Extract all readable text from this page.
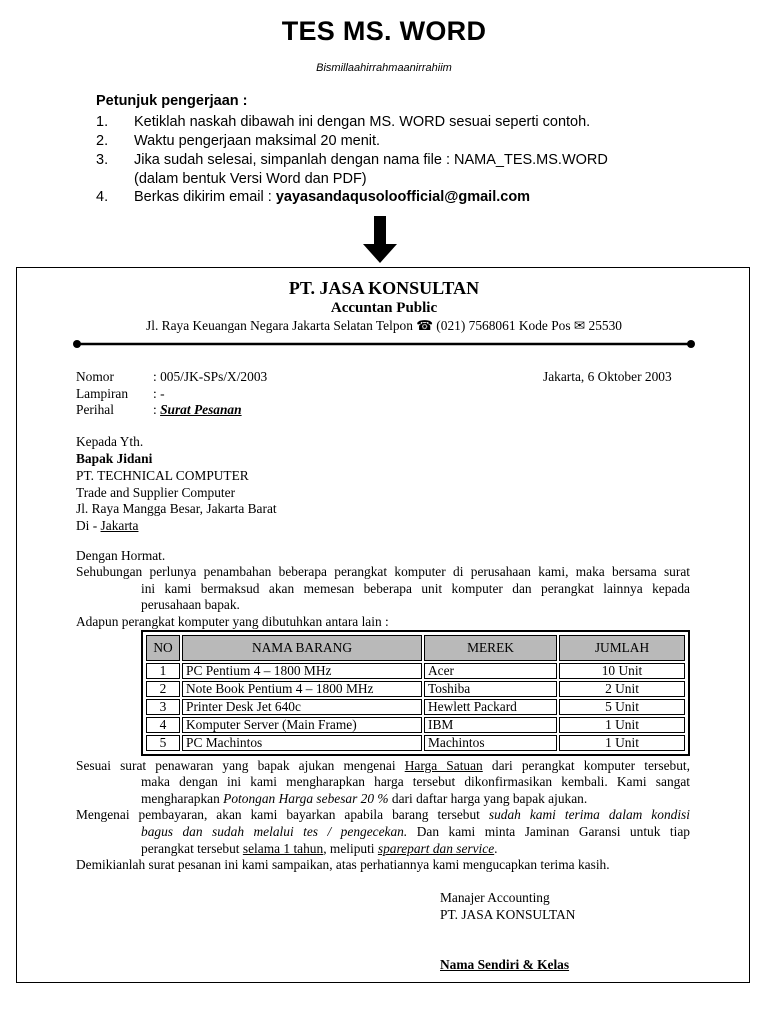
TES MS. WORD
Bismillaahirrahmaanirrahiim
Petunjuk pengerjaan :
1. Ketiklah naskah dibawah ini dengan MS. WORD sesuai seperti contoh.
2. Waktu pengerjaan maksimal 20 menit.
3. Jika sudah selesai, simpanlah dengan nama file : NAMA_TES.MS.WORD
(dalam bentuk Versi Word dan PDF)
4. Berkas dikirim email : yayasandaqusolo​official@gmail.com
PT. JASA KONSULTAN
Accuntan Public
Jl. Raya Keuangan Negara Jakarta Selatan Telpon ☎ (021) 7568061 Kode Pos ✉ 25530
Nomor	: 005/JK-SPs/X/2003	Jakarta, 6 Oktober 2003
Lampiran : -
Perihal	: Surat Pesanan
Kepada Yth.
Bapak Jidani
PT. TECHNICAL COMPUTER
Trade and Supplier Computer
Jl. Raya Mangga Besar, Jakarta Barat
Di - Jakarta
Dengan Hormat.
Sehubungan perlunya penambahan beberapa perangkat komputer di perusahaan kami, maka bersama surat
ini kami bermaksud akan memesan beberapa unit komputer dan perangkat lainnya kepada
perusahaan bapak.
Adapun perangkat komputer yang dibutuhkan antara lain :
NO	NAMA BARANG	MEREK	JUMLAH
1	PC Pentium 4 – 1800 MHz	Acer	10 Unit
2	Note Book Pentium 4 – 1800 MHz	Toshiba	2 Unit
3	Printer Desk Jet 640c	Hewlett Packard	5 Unit
4	Komputer Server (Main Frame)	IBM	1 Unit
5	PC Machintos	Machintos	1 Unit
Sesuai surat penawaran yang bapak ajukan mengenai Harga Satuan dari perangkat komputer tersebut,
maka dengan ini kami mengharapkan harga tersebut dikonfirmasikan kembali. Kami sangat
mengharapkan Potongan Harga sebesar 20 % dari daftar harga yang bapak ajukan.
Mengenai pembayaran, akan kami bayarkan apabila barang tersebut sudah kami terima dalam kondisi
bagus dan sudah melalui tes / pengecekan. Dan kami minta Jaminan Garansi untuk tiap
perangkat tersebut selama 1 tahun, meliputi sparepart dan service.
Demikianlah surat pesanan ini kami sampaikan, atas perhatiannya kami mengucapkan terima kasih.
Manajer Accounting
PT. JASA KONSULTAN
Nama Sendiri & Kelas
